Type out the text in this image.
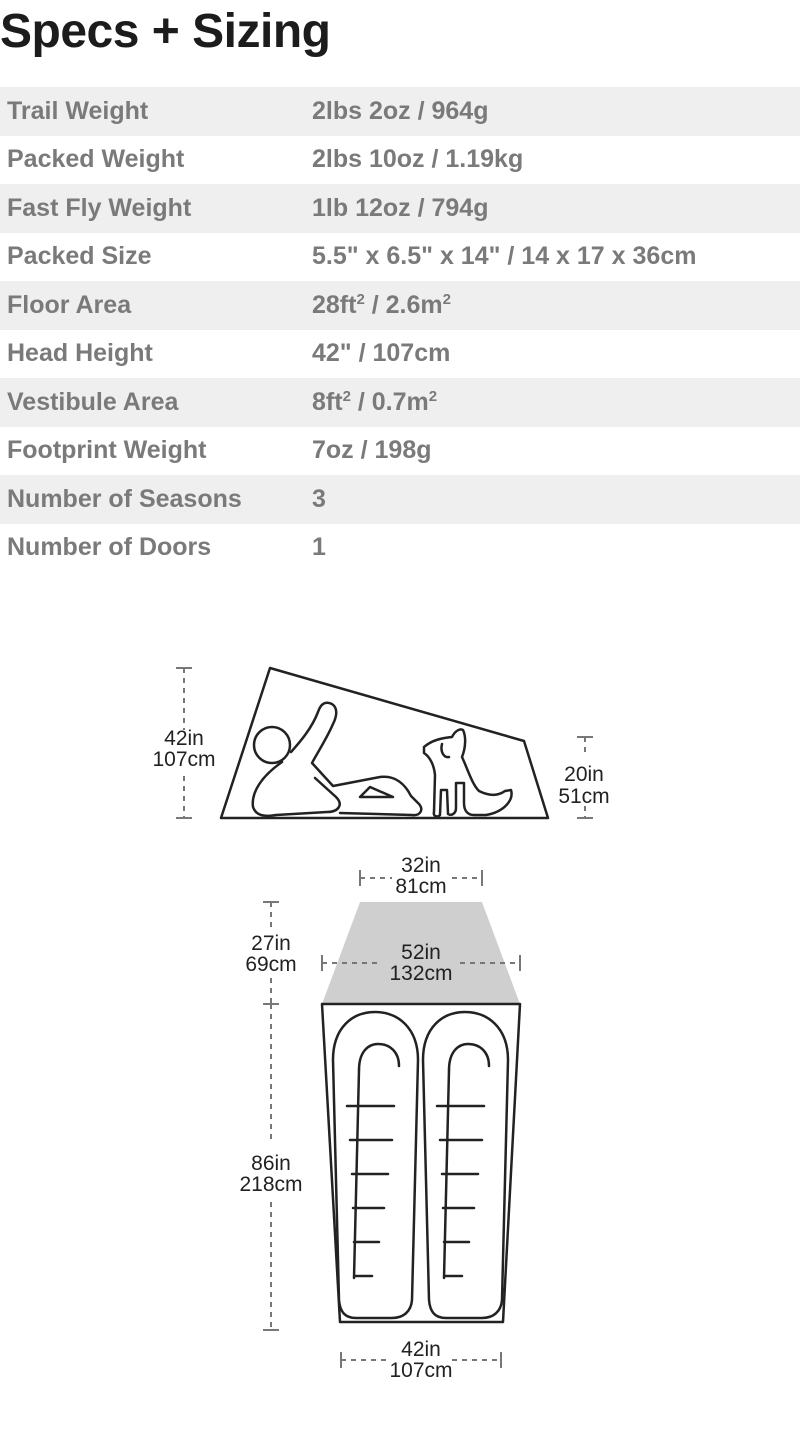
Specs + Sizing
Trail Weight	2lbs 2oz / 964g
Packed Weight	2lbs 10oz / 1.19kg
Fast Fly Weight	1lb 12oz / 794g
Packed Size	5.5" x 6.5" x 14" / 14 x 17 x 36cm
Floor Area	$28ft^2 / 2.6m^2$
Head Height	42" / 107cm
Vestibule Area	$8ft^2 / 0.7m^2$
Footprint Weight	7oz / 198g
Number of Seasons	3
Number of Doors	1
42in
107cm
20in
51cm
32in
81cm
52in
132cm
27in
69cm
86in
218cm
42in
107cm
